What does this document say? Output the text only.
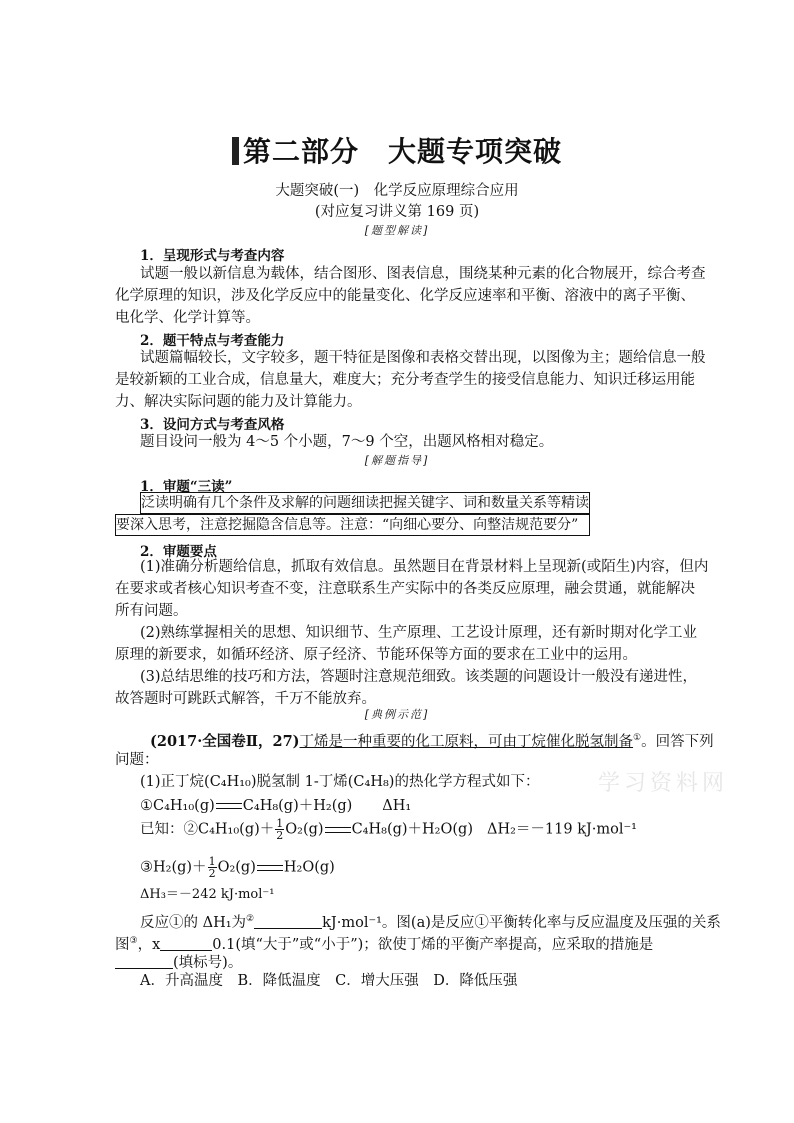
第二部分　大题专项突破
大题突破(一)　化学反应原理综合应用
(对应复习讲义第 169 页)
[题型解读]
1．呈现形式与考查内容
试题一般以新信息为载体，结合图形、图表信息，围绕某种元素的化合物展开，综合考查
化学原理的知识，涉及化学反应中的能量变化、化学反应速率和平衡、溶液中的离子平衡、
电化学、化学计算等。
2．题干特点与考查能力
试题篇幅较长，文字较多，题干特征是图像和表格交替出现，以图像为主；题给信息一般
是较新颖的工业合成，信息量大，难度大；充分考查学生的接受信息能力、知识迁移运用能
力、解决实际问题的能力及计算能力。
3．设问方式与考查风格
题目设问一般为 4～5 个小题，7～9 个空，出题风格相对稳定。
[解题指导]
1．审题“三读”
泛读明确有几个条件及求解的问题细读把握关键字、词和数量关系等精读
要深入思考，注意挖掘隐含信息等。注意：“向细心要分、向整洁规范要分”
2．审题要点
(1)准确分析题给信息，抓取有效信息。虽然题目在背景材料上呈现新(或陌生)内容，但内
在要求或者核心知识考查不变，注意联系生产实际中的各类反应原理，融会贯通，就能解决
所有问题。
(2)熟练掌握相关的思想、知识细节、生产原理、工艺设计原理，还有新时期对化学工业
原理的新要求，如循环经济、原子经济、节能环保等方面的要求在工业中的运用。
(3)总结思维的技巧和方法，答题时注意规范细致。该类题的问题设计一般没有递进性，
故答题时可跳跃式解答，千万不能放弃。
[典例示范]
(2017·全国卷Ⅱ，27)丁烯是一种重要的化工原料，可由丁烷催化脱氢制备①。回答下列
问题：
(1)正丁烷(C₄H₁₀)脱氢制 1-丁烯(C₄H₈)的热化学方程式如下：
①C₄H₁₀(g) C₄H₈(g)＋H₂(g) ΔH₁
已知：②C₄H₁₀(g)＋ $\frac{1}{2} O_2(g)$ C₄H₈(g)＋H₂O(g) ΔH₂＝－119 kJ·mol⁻¹
③H₂(g)＋ $\frac{1}{2} O_2(g)$ H₂O(g)
ΔH₃＝－242 kJ·mol⁻¹
反应①的 ΔH₁为②	kJ·mol⁻¹。图(a)是反应①平衡转化率与反应温度及压强的关系
图③，x	0.1(填“大于”或“小于”)；欲使丁烯的平衡产率提高，应采取的措施是
(填标号)。
A．升高温度　B．降低温度　C．增大压强　D．降低压强
学习资料网
